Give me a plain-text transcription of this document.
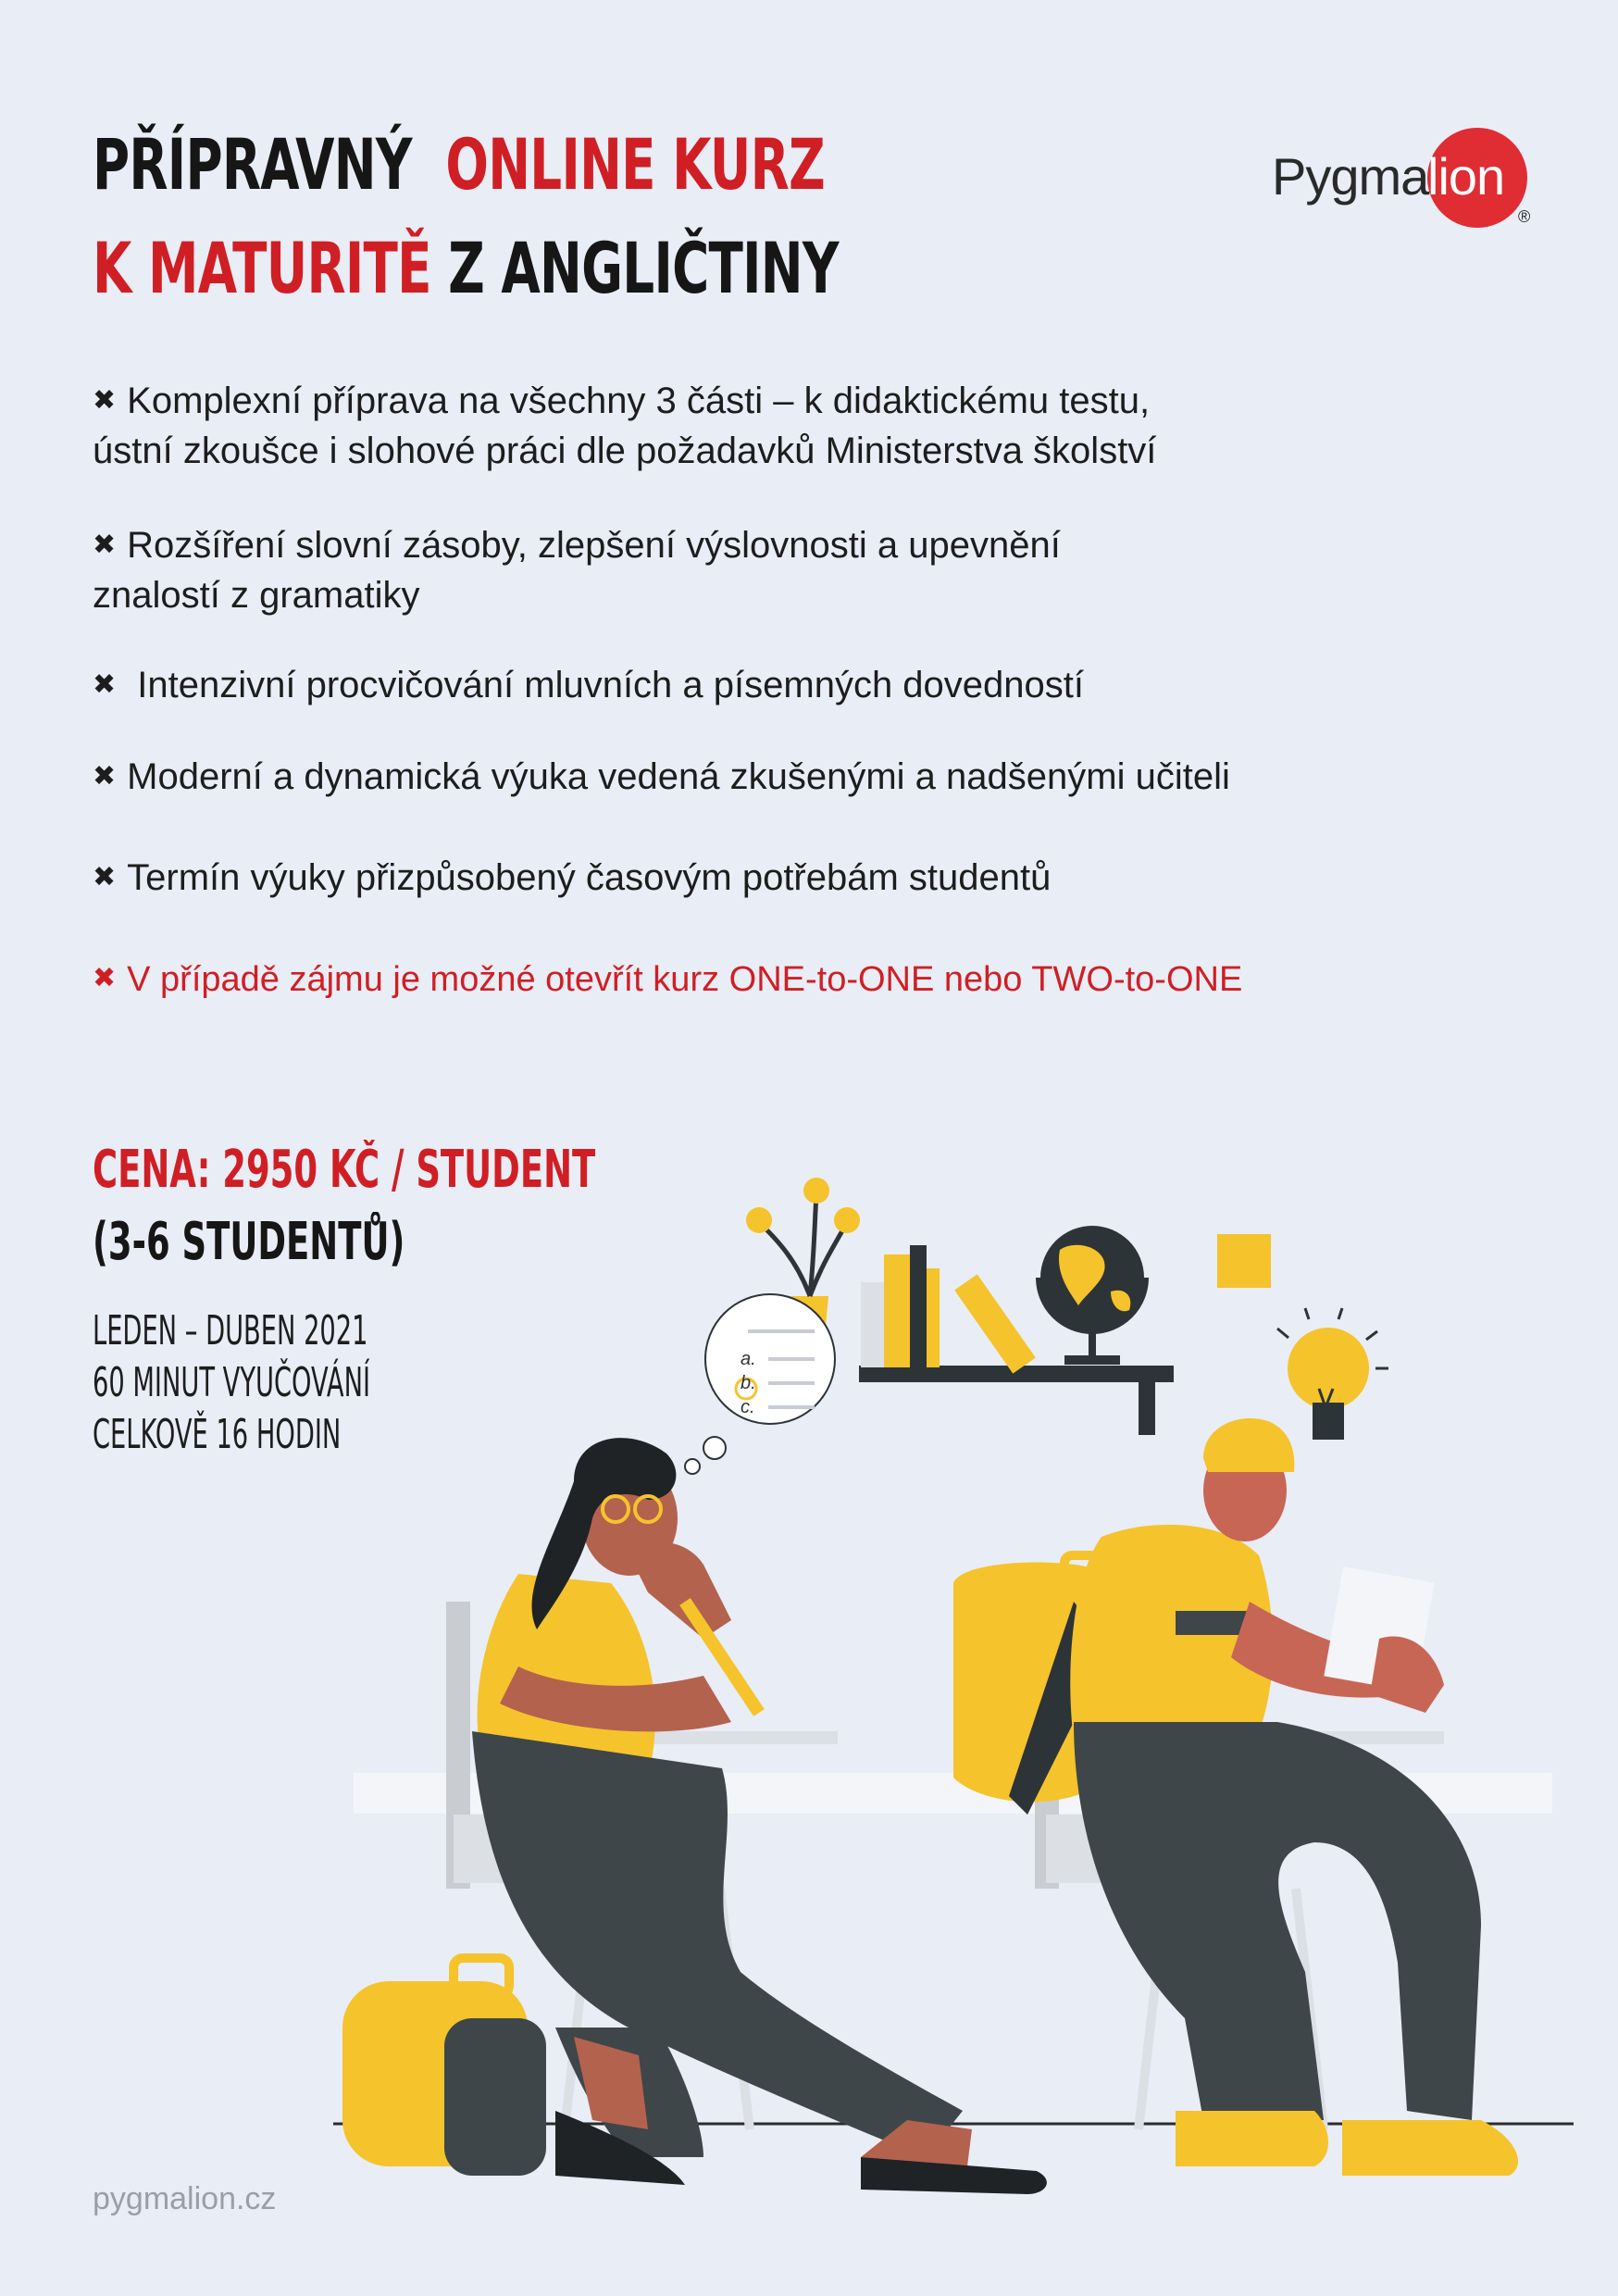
PŘÍPRAVNÝ ONLINE KURZ
K MATURITĚ Z ANGLIČTINY
Pygma
lion
®
✖ Komplexní příprava na všechny 3 části – k didaktickému testu,
ústní zkoušce i slohové práci dle požadavků Ministerstva školství
✖ Rozšíření slovní zásoby, zlepšení výslovnosti a upevnění
znalostí z gramatiky
✖ Intenzivní procvičování mluvních a písemných dovedností
✖ Moderní a dynamická výuka vedená zkušenými a nadšenými učiteli
✖ Termín výuky přizpůsobený časovým potřebám studentů
✖ V případě zájmu je možné otevřít kurz ONE-to-ONE nebo TWO-to-ONE
CENA: 2950 KČ / STUDENT
(3-6 STUDENTŮ)
LEDEN – DUBEN 2021
60 MINUT VYUČOVÁNÍ
CELKOVĚ 16 HODIN
a.
b.
c.
pygmalion.cz
